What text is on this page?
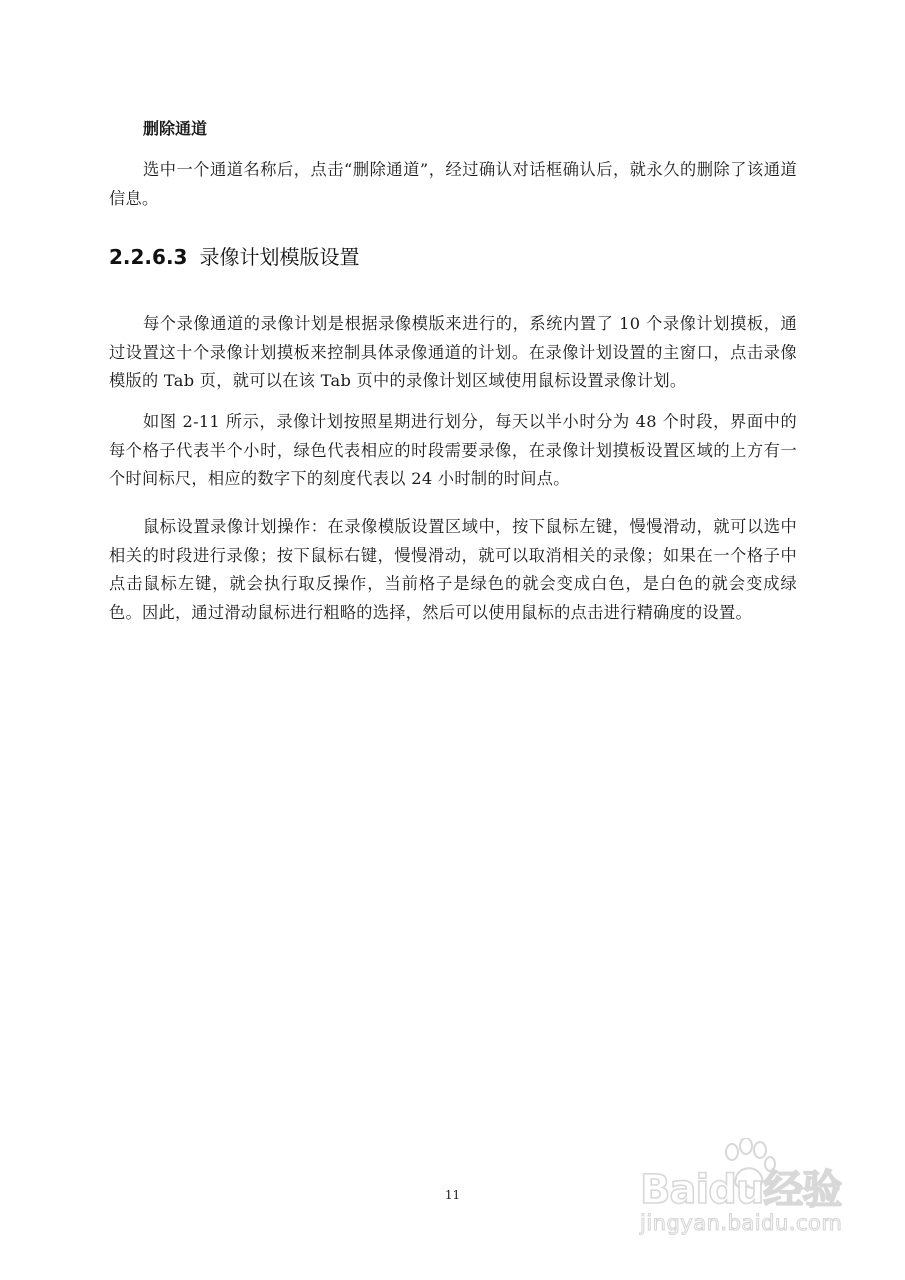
删除通道

选中一个通道名称后，点击“删除通道”，经过确认对话框确认后，就永久的删除了该通道信息。

2.2.6.3 录像计划模版设置

每个录像通道的录像计划是根据录像模版来进行的，系统内置了 10 个录像计划摸板，通过设置这十个录像计划摸板来控制具体录像通道的计划。在录像计划设置的主窗口，点击录像模版的 Tab 页，就可以在该 Tab 页中的录像计划区域使用鼠标设置录像计划。

如图 2-11 所示，录像计划按照星期进行划分，每天以半小时分为 48 个时段，界面中的每个格子代表半个小时，绿色代表相应的时段需要录像，在录像计划摸板设置区域的上方有一个时间标尺，相应的数字下的刻度代表以 24 小时制的时间点。

鼠标设置录像计划操作：在录像模版设置区域中，按下鼠标左键，慢慢滑动，就可以选中相关的时段进行录像；按下鼠标右键，慢慢滑动，就可以取消相关的录像；如果在一个格子中点击鼠标左键，就会执行取反操作，当前格子是绿色的就会变成白色，是白色的就会变成绿色。因此，通过滑动鼠标进行粗略的选择，然后可以使用鼠标的点击进行精确度的设置。

11	Baidu经验
jingyan.baidu.com
